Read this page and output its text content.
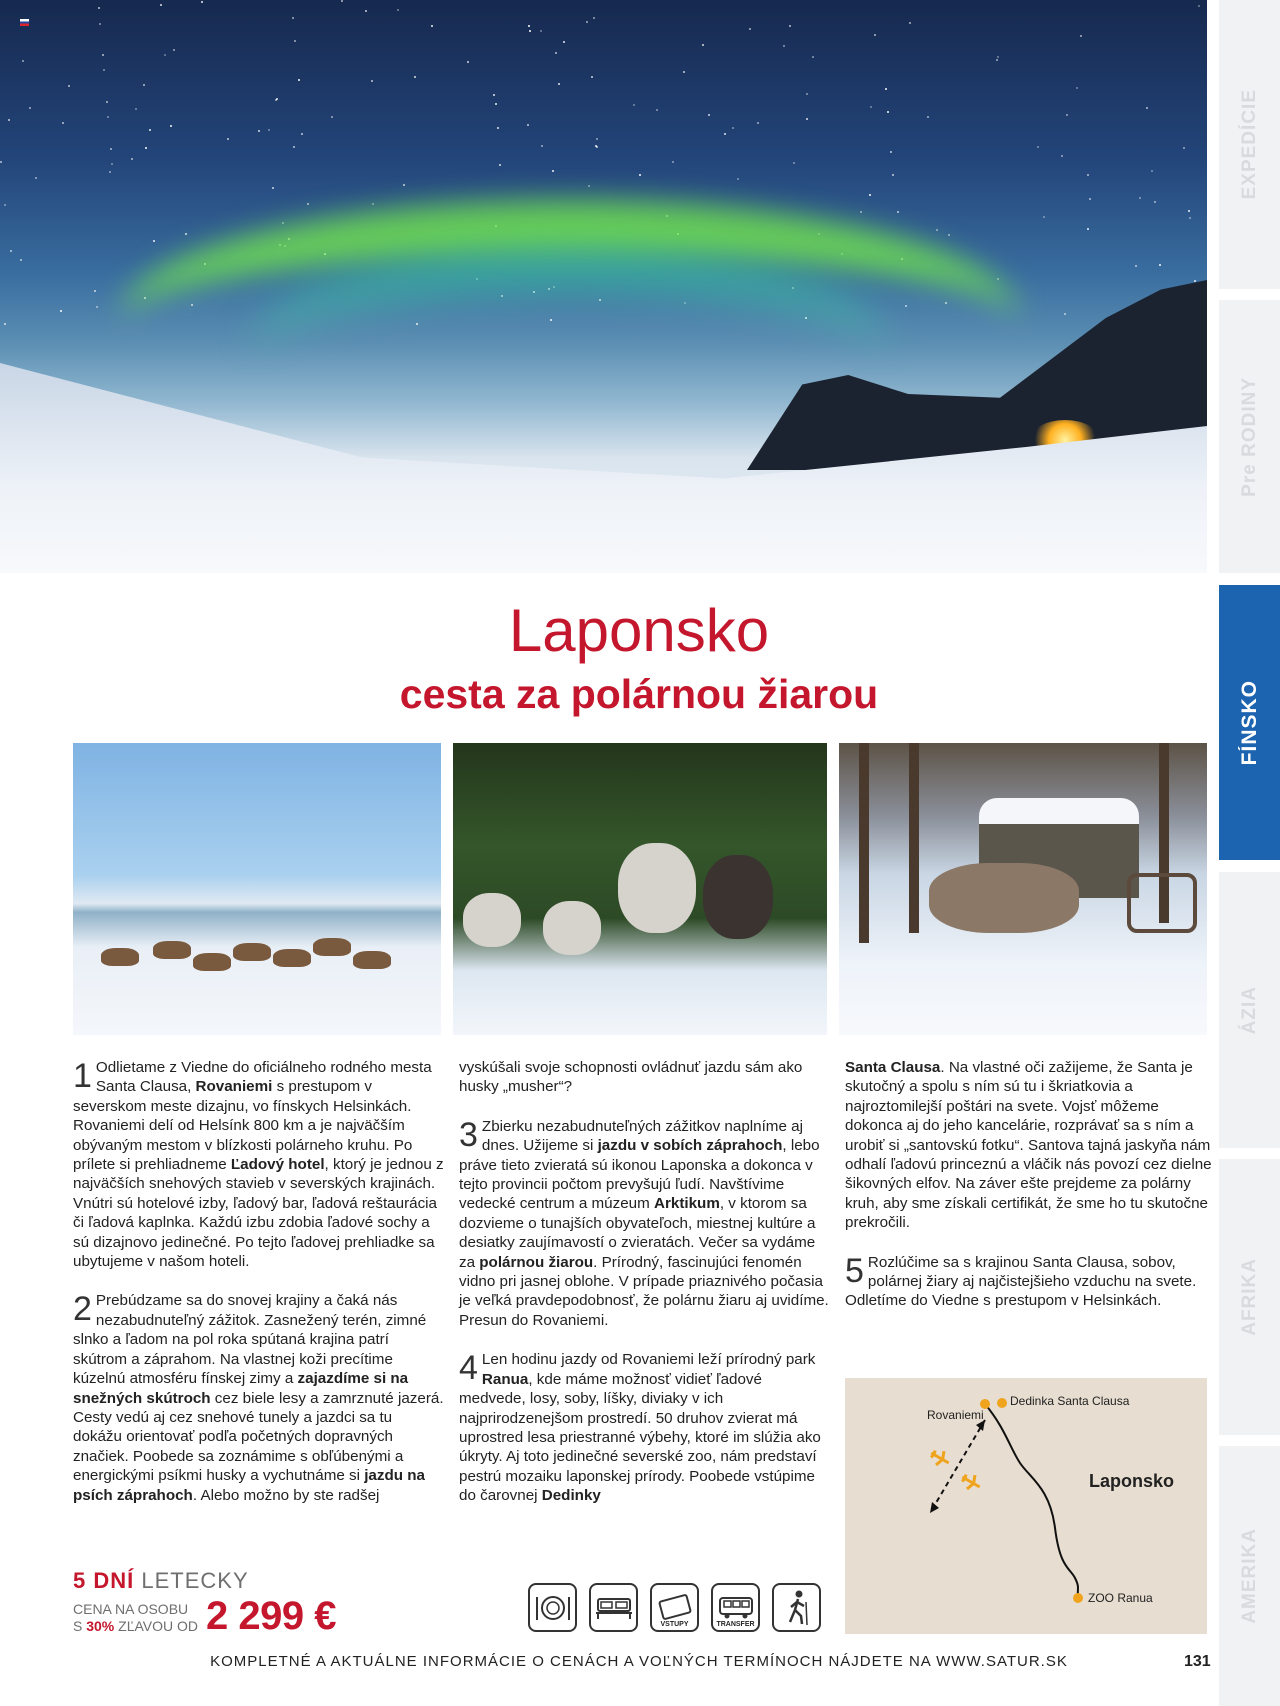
EXPEDÍCIE
Pre RODINY
FÍNSKO
ÁZIA
AFRIKA
AMERIKA
Laponsko
cesta za polárnou žiarou

1 Odlietame z Viedne do oficiálneho rodného mesta Santa Clausa, Rovaniemi s prestupom v severskom meste dizajnu, vo fínskych Helsinkách. Rovaniemi delí od Helsínk 800 km a je najväčším obývaným mestom v blízkosti polárneho kruhu. Po prílete si prehliadneme Ľadový hotel, ktorý je jednou z najväčších snehových stavieb v severských krajinách. Vnútri sú hotelové izby, ľadový bar, ľadová reštaurácia či ľadová kaplnka. Každú izbu zdobia ľadové sochy a sú dizajnovo jedinečné. Po tejto ľadovej prehliadke sa ubytujeme v našom hoteli.

2 Prebúdzame sa do snovej krajiny a čaká nás nezabudnuteľný zážitok. Zasnežený terén, zimné slnko a ľadom na pol roka spútaná krajina patrí skútrom a záprahom. Na vlastnej koži precítime kúzelnú atmosféru fínskej zimy a zajazdíme si na snežných skútroch cez biele lesy a zamrznuté jazerá. Cesty vedú aj cez snehové tunely a jazdci sa tu dokážu orientovať podľa početných dopravných značiek. Poobede sa zoznámime s obľúbenými a energickými psíkmi husky a vychutnáme si jazdu na psích záprahoch. Alebo možno by ste radšej

vyskúšali svoje schopnosti ovládnuť jazdu sám ako husky „musher“?

3 Zbierku nezabudnuteľných zážitkov naplníme aj dnes. Užijeme si jazdu v sobích záprahoch, lebo práve tieto zvieratá sú ikonou Laponska a dokonca v tejto provincii počtom prevyšujú ľudí. Navštívime vedecké centrum a múzeum Arktikum, v ktorom sa dozvieme o tunajších obyvateľoch, miestnej kultúre a desiatky zaujímavostí o zvieratách. Večer sa vydáme za polárnou žiarou. Prírodný, fascinujúci fenomén vidno pri jasnej oblohe. V prípade priaznivého počasia je veľká pravdepodobnosť, že polárnu žiaru aj uvidíme. Presun do Rovaniemi.

4 Len hodinu jazdy od Rovaniemi leží prírodný park Ranua, kde máme možnosť vidieť ľadové medvede, losy, soby, líšky, diviaky v ich najprirodzenejšom prostredí. 50 druhov zvierat má uprostred lesa priestranné výbehy, ktoré im slúžia ako úkryty. Aj toto jedinečné severské zoo, nám predstaví pestrú mozaiku laponskej prírody. Poobede vstúpime do čarovnej Dedinky

Santa Clausa. Na vlastné oči zažijeme, že Santa je skutočný a spolu s ním sú tu i škriatkovia a najroztomilejší poštári na svete. Vojsť môžeme dokonca aj do jeho kancelárie, rozprávať sa s ním a urobiť si „santovskú fotku“. Santova tajná jaskyňa nám odhalí ľadovú princeznú a vláčik nás povozí cez dielne šikovných elfov. Na záver ešte prejdeme za polárny kruh, aby sme získali certifikát, že sme ho tu skutočne prekročili.

5 Rozlúčime sa s krajinou Santa Clausa, sobov, polárnej žiary aj najčistejšieho vzduchu na svete. Odletíme do Viedne s prestupom v Helsinkách.

Rovaniemi
Dedinka Santa Clausa
ZOO Ranua
Laponsko
5 DNÍ LETECKY
CENA NA OSOBU
S 30% ZĽAVOU OD 2 299 €	VSTUPY	TRANSFER
KOMPLETNÉ A AKTUÁLNE INFORMÁCIE O CENÁCH A VOĽNÝCH TERMÍNOCH NÁJDETE NA WWW.SATUR.SK	131
